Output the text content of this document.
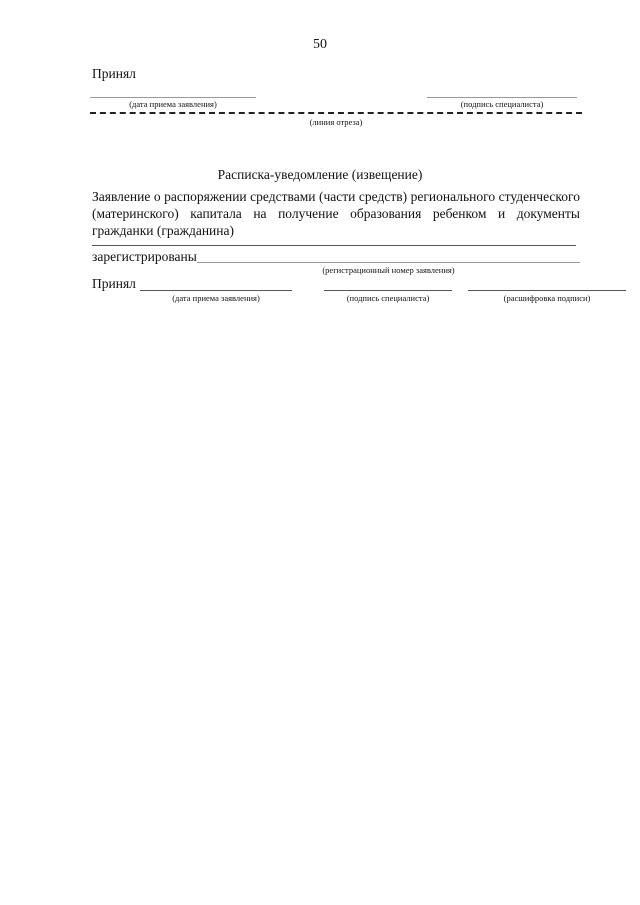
50
Принял
(дата приема заявления)	(подпись специалиста)
(линия отреза)
Расписка-уведомление (извещение)
Заявление о распоряжении средствами (части средств) регионального студенческого (материнского) капитала на получение образования ребенком и документы гражданки (гражданина)
зарегистрированы
(регистрационный номер заявления)
Принял
(дата приема заявления)	(подпись специалиста)	(расшифровка подписи)
